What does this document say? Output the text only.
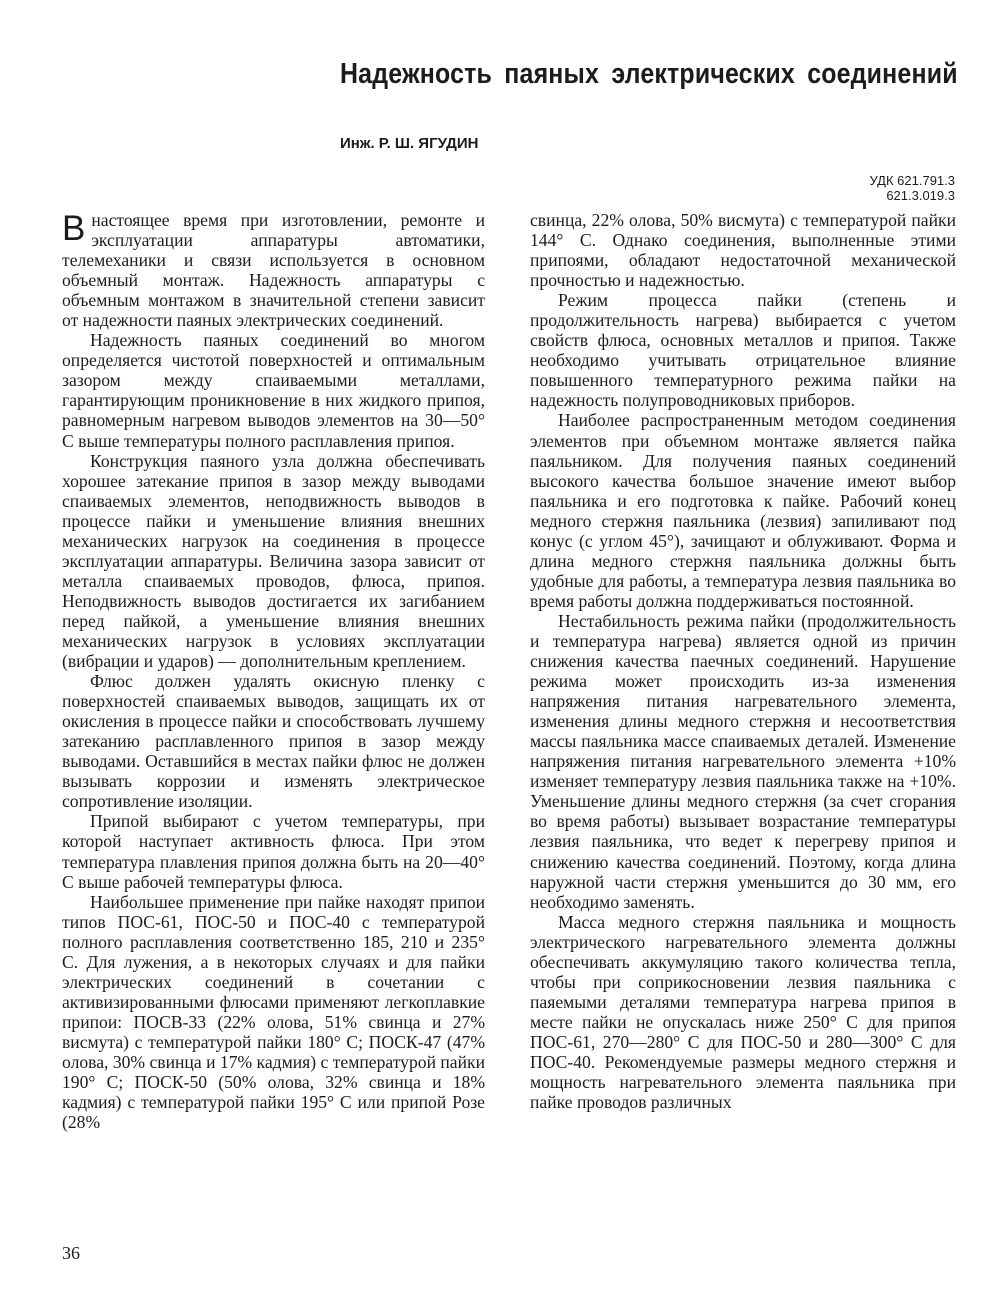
Надежность паяных электрических соединений
Инж. Р. Ш. ЯГУДИН
УДК 621.791.3
621.3.019.3

Внастоящее время при изготовлении, ремонте и эксплуатации аппаратуры автоматики, телемеханики и связи используется в основном объемный монтаж. Надежность аппаратуры с объемным монтажом в значительной степени зависит от надежности паяных электрических соединений.

Надежность паяных соединений во многом определяется чистотой поверхностей и оптимальным зазором между спаиваемыми металлами, гарантирующим проникновение в них жидкого припоя, равномерным нагревом выводов элементов на 30—50° С выше температуры полного расплавления припоя.

Конструкция паяного узла должна обеспечивать хорошее затекание припоя в зазор между выводами спаиваемых элементов, неподвижность выводов в процессе пайки и уменьшение влияния внешних механических нагрузок на соединения в процессе эксплуатации аппаратуры. Величина зазора зависит от металла спаиваемых проводов, флюса, припоя. Неподвижность выводов достигается их загибанием перед пайкой, а уменьшение влияния внешних механических нагрузок в условиях эксплуатации (вибрации и ударов) — дополнительным креплением.

Флюс должен удалять окисную пленку с поверхностей спаиваемых выводов, защищать их от окисления в процессе пайки и способствовать лучшему затеканию расплавленного припоя в зазор между выводами. Оставшийся в местах пайки флюс не должен вызывать коррозии и изменять электрическое сопротивление изоляции.

Припой выбирают с учетом температуры, при которой наступает активность флюса. При этом температура плавления припоя должна быть на 20—40° С выше рабочей температуры флюса.

Наибольшее применение при пайке находят припои типов ПОС-61, ПОС-50 и ПОС-40 с температурой полного расплавления соответственно 185, 210 и 235° С. Для лужения, а в некоторых случаях и для пайки электрических соединений в сочетании с активизированными флюсами применяют легкоплавкие припои: ПОСВ-33 (22% олова, 51% свинца и 27% висмута) с температурой пайки 180° С; ПОСК-47 (47% олова, 30% свинца и 17% кадмия) с температурой пайки 190° С; ПОСК-50 (50% олова, 32% свинца и 18% кадмия) с температурой пайки 195° С или припой Розе (28%

свинца, 22% олова, 50% висмута) с температурой пайки 144° С. Однако соединения, выполненные этими припоями, обладают недостаточной механической прочностью и надежностью.

Режим процесса пайки (степень и продолжительность нагрева) выбирается с учетом свойств флюса, основных металлов и припоя. Также необходимо учитывать отрицательное влияние повышенного температурного режима пайки на надежность полупроводниковых приборов.

Наиболее распространенным методом соединения элементов при объемном монтаже является пайка паяльником. Для получения паяных соединений высокого качества большое значение имеют выбор паяльника и его подготовка к пайке. Рабочий конец медного стержня паяльника (лезвия) запиливают под конус (с углом 45°), зачищают и облуживают. Форма и длина медного стержня паяльника должны быть удобные для работы, а температура лезвия паяльника во время работы должна поддерживаться постоянной.

Нестабильность режима пайки (продолжительность и температура нагрева) является одной из причин снижения качества паечных соединений. Нарушение режима может происходить из-за изменения напряжения питания нагревательного элемента, изменения длины медного стержня и несоответствия массы паяльника массе спаиваемых деталей. Изменение напряжения питания нагревательного элемента +10% изменяет температуру лезвия паяльника также на +10%. Уменьшение длины медного стержня (за счет сгорания во время работы) вызывает возрастание температуры лезвия паяльника, что ведет к перегреву припоя и снижению качества соединений. Поэтому, когда длина наружной части стержня уменьшится до 30 мм, его необходимо заменять.

Масса медного стержня паяльника и мощность электрического нагревательного элемента должны обеспечивать аккумуляцию такого количества тепла, чтобы при соприкосновении лезвия паяльника с паяемыми деталями температура нагрева припоя в месте пайки не опускалась ниже 250° С для припоя ПОС-61, 270—280° С для ПОС-50 и 280—300° С для ПОС-40. Рекомендуемые размеры медного стержня и мощность нагревательного элемента паяльника при пайке проводов различных

36
